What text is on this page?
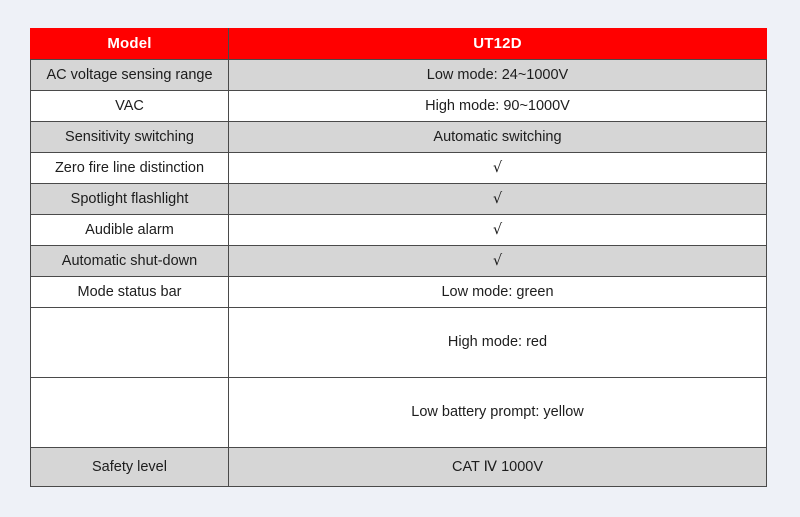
Model	UT12D
AC voltage sensing range	Low mode: 24~1000V
VAC	High mode: 90~1000V
Sensitivity switching	Automatic switching
Zero fire line distinction	√
Spotlight flashlight	√
Audible alarm	√
Automatic shut-down	√
Mode status bar	Low mode: green
	High mode: red
	Low battery prompt: yellow
Safety level	CAT Ⅳ 1000V
